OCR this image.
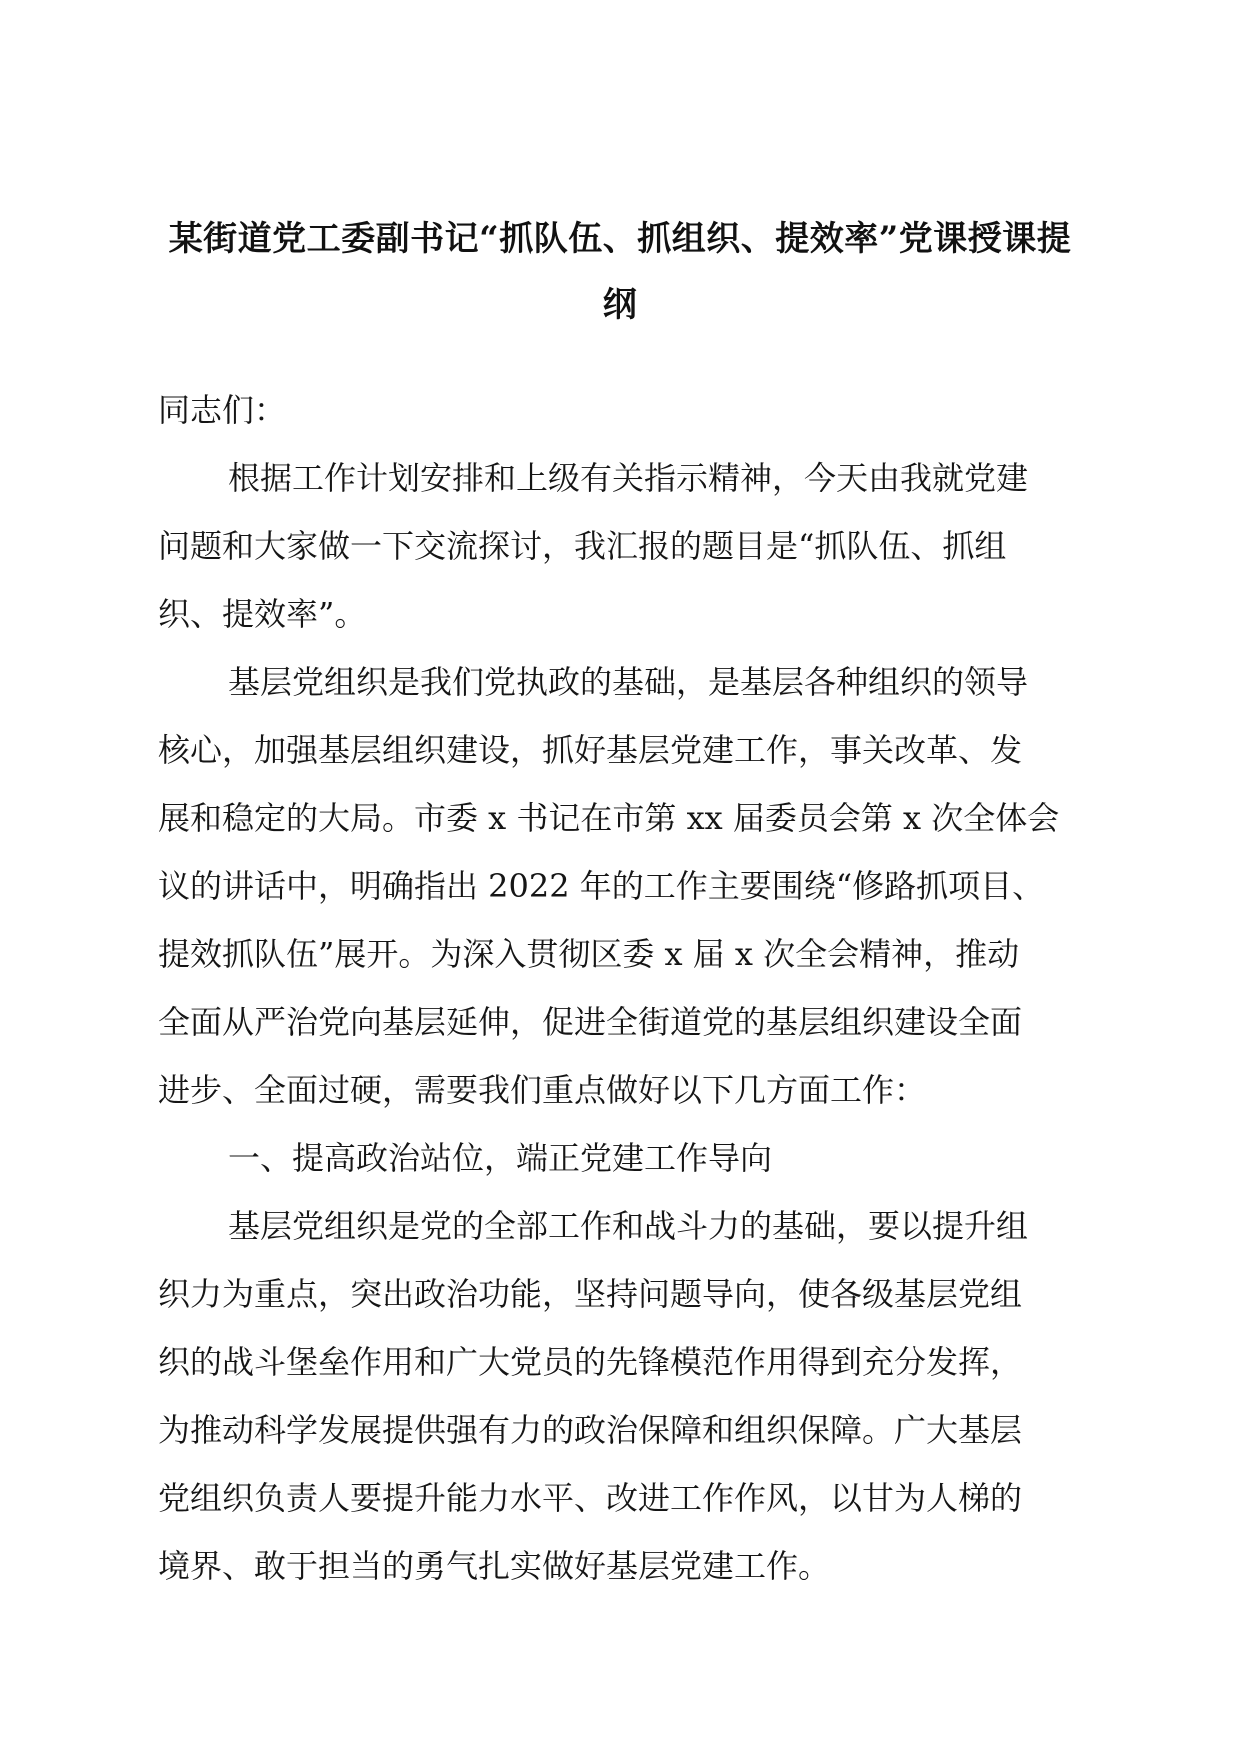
某街道党工委副书记“抓队伍、抓组织、提效率”党课授课提
纲
同志们：
根据工作计划安排和上级有关指示精神，今天由我就党建
问题和大家做一下交流探讨，我汇报的题目是“抓队伍、抓组
织、提效率”。
基层党组织是我们党执政的基础，是基层各种组织的领导
核心，加强基层组织建设，抓好基层党建工作，事关改革、发
展和稳定的大局。市委 x 书记在市第 xx 届委员会第 x 次全体会
议的讲话中，明确指出 2022 年的工作主要围绕“修路抓项目、
提效抓队伍”展开。为深入贯彻区委 x 届 x 次全会精神，推动
全面从严治党向基层延伸，促进全街道党的基层组织建设全面
进步、全面过硬，需要我们重点做好以下几方面工作：
一、提高政治站位，端正党建工作导向
基层党组织是党的全部工作和战斗力的基础，要以提升组
织力为重点，突出政治功能，坚持问题导向，使各级基层党组
织的战斗堡垒作用和广大党员的先锋模范作用得到充分发挥，
为推动科学发展提供强有力的政治保障和组织保障。广大基层
党组织负责人要提升能力水平、改进工作作风，以甘为人梯的
境界、敢于担当的勇气扎实做好基层党建工作。
